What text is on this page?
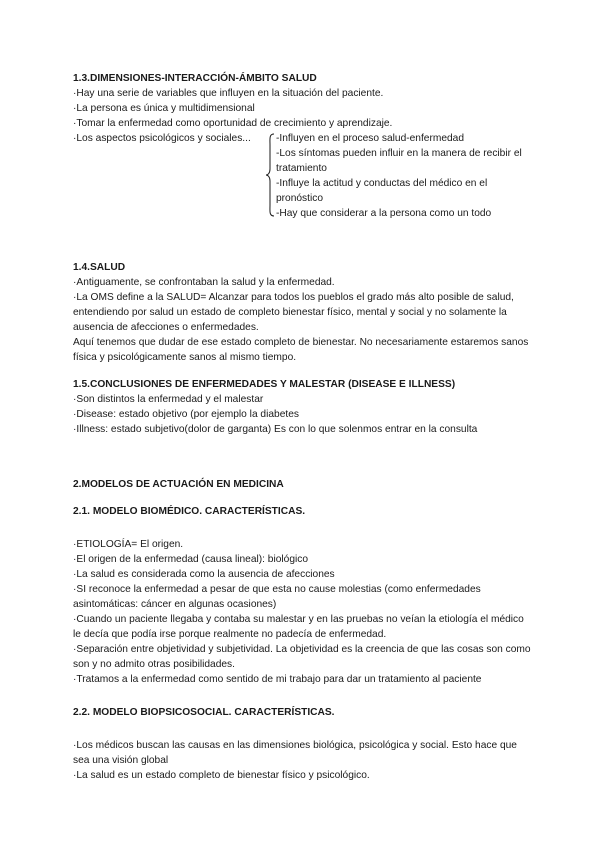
1.3.DIMENSIONES-INTERACCIÓN-ÁMBITO SALUD

·Hay una serie de variables que influyen en la situación del paciente.

·La persona es única y multidimensional

·Tomar la enfermedad como oportunidad de crecimiento y aprendizaje.

·Los aspectos psicológicos y sociales... -Influyen en el proceso salud-enfermedad

-Los síntomas pueden influir en la manera de recibir el tratamiento

-Influye la actitud y conductas del médico en el pronóstico

-Hay que considerar a la persona como un todo

1.4.SALUD

·Antiguamente, se confrontaban la salud y la enfermedad.

·La OMS define a la SALUD= Alcanzar para todos los pueblos el grado más alto posible de salud, entendiendo por salud un estado de completo bienestar físico, mental y social y no solamente la ausencia de afecciones o enfermedades.

Aquí tenemos que dudar de ese estado completo de bienestar. No necesariamente estaremos sanos física y psicológicamente sanos al mismo tiempo.

1.5.CONCLUSIONES DE ENFERMEDADES Y MALESTAR (DISEASE E ILLNESS)

·Son distintos la enfermedad y el malestar

·Disease: estado objetivo (por ejemplo la diabetes

·Illness: estado subjetivo(dolor de garganta) Es con lo que solenmos entrar en la consulta

2.MODELOS DE ACTUACIÓN EN MEDICINA

2.1. MODELO BIOMÉDICO. CARACTERÍSTICAS.

·ETIOLOGÍA= El origen.

·El origen de la enfermedad (causa lineal): biológico

·La salud es considerada como la ausencia de afecciones

·SI reconoce la enfermedad a pesar de que esta no cause molestias (como enfermedades asintomáticas: cáncer en algunas ocasiones)

·Cuando un paciente llegaba y contaba su malestar y en las pruebas no veían la etiología el médico le decía que podía irse porque realmente no padecía de enfermedad.

·Separación entre objetividad y subjetividad. La objetividad es la creencia de que las cosas son como son y no admito otras posibilidades.

·Tratamos a la enfermedad como sentido de mi trabajo para dar un tratamiento al paciente

2.2. MODELO BIOPSICOSOCIAL. CARACTERÍSTICAS.

·Los médicos buscan las causas en las dimensiones biológica, psicológica y social. Esto hace que sea una visión global

·La salud es un estado completo de bienestar físico y psicológico.
